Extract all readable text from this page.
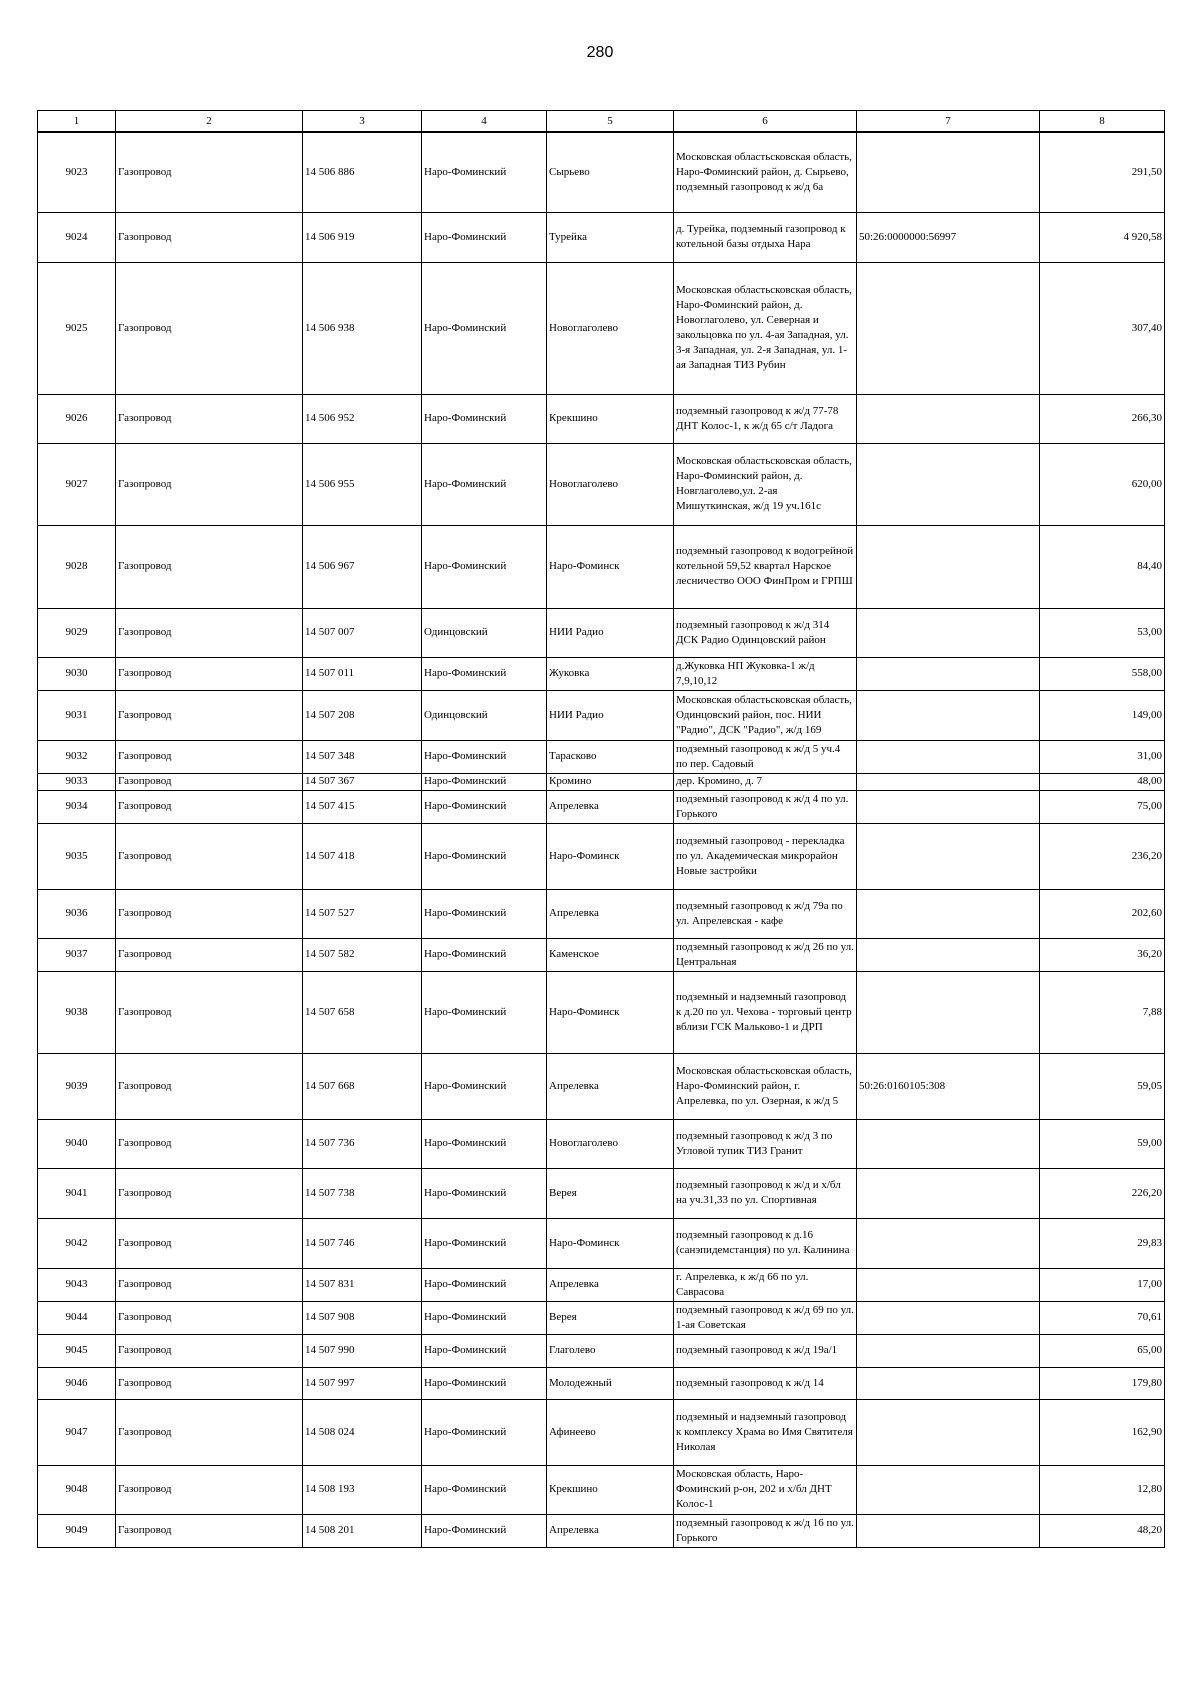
280
1	2	3	4	5	6	7	8
9023	Газопровод	14 506 886	Наро-Фоминский	Сырьево	Московская областьсковская область, Наро-Фоминский район, д. Сырьево, подземный газопровод к ж/д 6а		291,50
9024	Газопровод	14 506 919	Наро-Фоминский	Турейка	д. Турейка, подземный газопровод к котельной базы отдыха Нара	50:26:0000000:56997	4 920,58
9025	Газопровод	14 506 938	Наро-Фоминский	Новоглаголево	Московская областьсковская область, Наро-Фоминский район, д. Новоглаголево, ул. Северная и закольцовка по ул. 4-ая Западная, ул. 3-я Западная, ул. 2-я Западная, ул. 1-ая Западная ТИЗ Рубин		307,40
9026	Газопровод	14 506 952	Наро-Фоминский	Крекшино	подземный газопровод к ж/д 77-78 ДНТ Колос-1, к ж/д 65 с/т Ладога		266,30
9027	Газопровод	14 506 955	Наро-Фоминский	Новоглаголево	Московская областьсковская область, Наро-Фоминский район, д. Новглаголево,ул. 2-ая Мишуткинская, ж/д 19 уч.161с		620,00
9028	Газопровод	14 506 967	Наро-Фоминский	Наро-Фоминск	подземный газопровод к водогрейной котельной 59,52 квартал Нарское лесничество ООО ФинПром и ГРПШ		84,40
9029	Газопровод	14 507 007	Одинцовский	НИИ Радио	подземный газопровод к ж/д 314 ДСК Радио Одинцовский район		53,00
9030	Газопровод	14 507 011	Наро-Фоминский	Жуковка	д.Жуковка НП Жуковка-1 ж/д 7,9,10,12		558,00
9031	Газопровод	14 507 208	Одинцовский	НИИ Радио	Московская областьсковская область, Одинцовский район, пос. НИИ "Радио", ДСК "Радио", ж/д 169		149,00
9032	Газопровод	14 507 348	Наро-Фоминский	Тарасково	подземный газопровод к ж/д 5 уч.4 по пер. Садовый		31,00
9033	Газопровод	14 507 367	Наро-Фоминский	Кромино	дер. Кромино, д. 7		48,00
9034	Газопровод	14 507 415	Наро-Фоминский	Апрелевка	подземный газопровод к ж/д 4 по ул. Горького		75,00
9035	Газопровод	14 507 418	Наро-Фоминский	Наро-Фоминск	подземный газопровод - перекладка по ул. Академическая микрорайон Новые застройки		236,20
9036	Газопровод	14 507 527	Наро-Фоминский	Апрелевка	подземный газопровод к ж/д 79а по ул. Апрелевская - кафе		202,60
9037	Газопровод	14 507 582	Наро-Фоминский	Каменское	подземный газопровод к ж/д 26 по ул. Центральная		36,20
9038	Газопровод	14 507 658	Наро-Фоминский	Наро-Фоминск	подземный и надземный газопровод к д.20 по ул. Чехова - торговый центр вблизи ГСК Мальково-1 и ДРП		7,88
9039	Газопровод	14 507 668	Наро-Фоминский	Апрелевка	Московская областьсковская область, Наро-Фоминский район, г. Апрелевка, по ул. Озерная, к ж/д 5	50:26:0160105:308	59,05
9040	Газопровод	14 507 736	Наро-Фоминский	Новоглаголево	подземный газопровод к ж/д 3 по Угловой тупик ТИЗ Гранит		59,00
9041	Газопровод	14 507 738	Наро-Фоминский	Верея	подземный газопровод к ж/д и х/бл на уч.31,33 по ул. Спортивная		226,20
9042	Газопровод	14 507 746	Наро-Фоминский	Наро-Фоминск	подземный газопровод к д.16 (санэпидемстанция) по ул. Калинина		29,83
9043	Газопровод	14 507 831	Наро-Фоминский	Апрелевка	г. Апрелевка, к ж/д 66 по ул. Саврасова		17,00
9044	Газопровод	14 507 908	Наро-Фоминский	Верея	подземный газопровод к ж/д 69 по ул. 1-ая Советская		70,61
9045	Газопровод	14 507 990	Наро-Фоминский	Глаголево	подземный газопровод к ж/д 19а/1		65,00
9046	Газопровод	14 507 997	Наро-Фоминский	Молодежный	подземный газопровод к ж/д 14		179,80
9047	Газопровод	14 508 024	Наро-Фоминский	Афинеево	подземный и надземный газопровод к комплексу Храма во Имя Святителя Николая		162,90
9048	Газопровод	14 508 193	Наро-Фоминский	Крекшино	Московская область, Наро-Фоминский р-он, 202 и х/бл ДНТ Колос-1		12,80
9049	Газопровод	14 508 201	Наро-Фоминский	Апрелевка	подземный газопровод к ж/д 16 по ул. Горького		48,20
